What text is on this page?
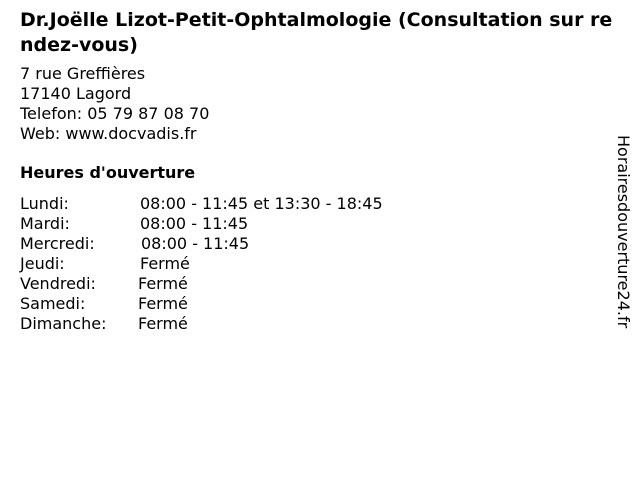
Dr.Joëlle Lizot-Petit-Ophtalmologie (Consultation sur rendez-vous)
7 rue Greffières
17140 Lagord
Telefon: 05 79 87 08 70
Web: www.docvadis.fr
Heures d'ouverture
Lundi:	08:00 - 11:45 et 13:30 - 18:45
Mardi:	08:00 - 11:45
Mercredi:	08:00 - 11:45
Jeudi:	Fermé
Vendredi:	Fermé
Samedi:	Fermé
Dimanche: Fermé	Horairesdouverture24.fr
